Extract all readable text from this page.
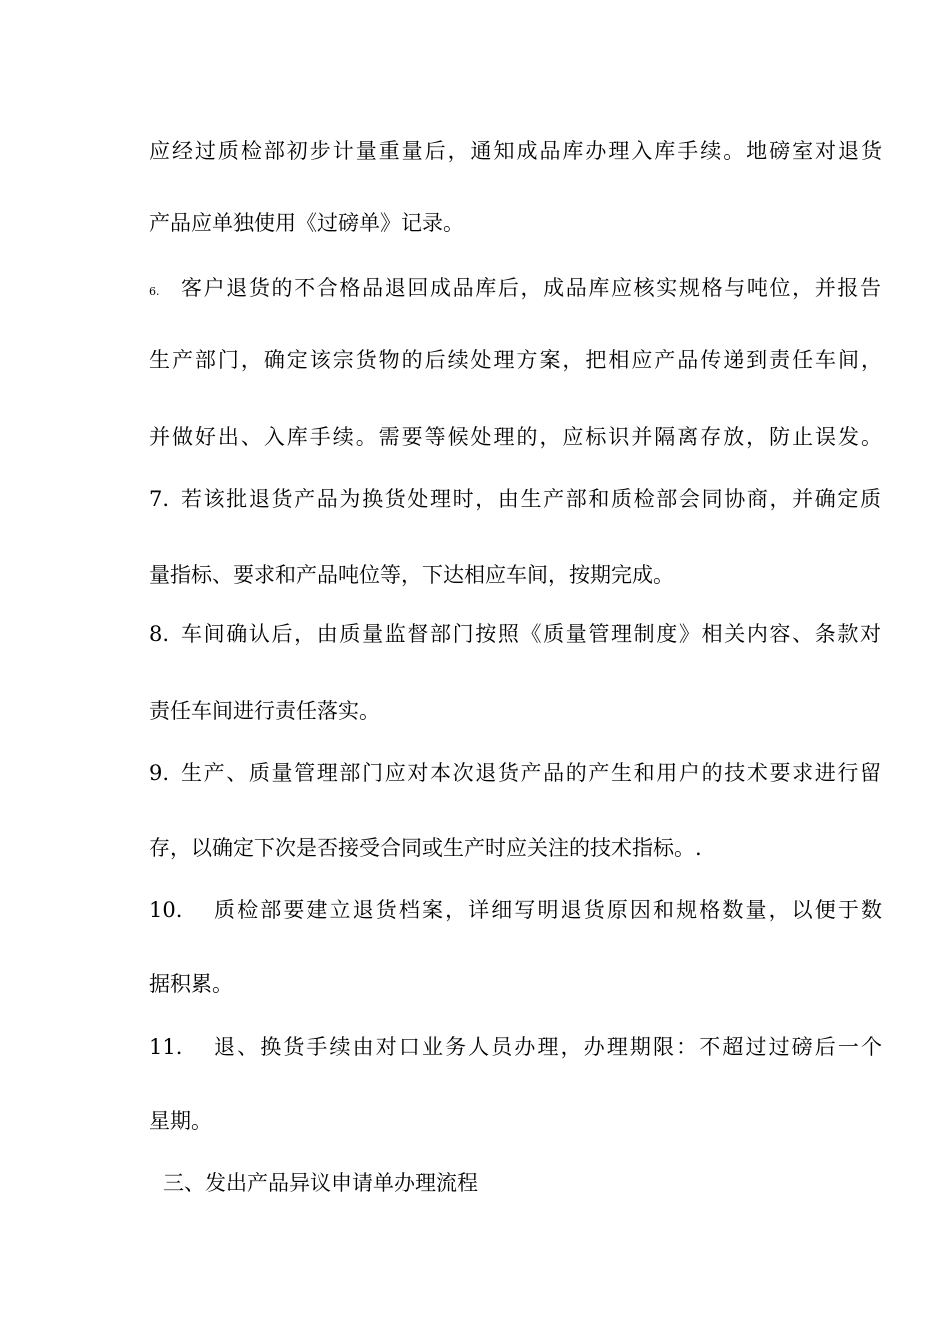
应经过质检部初步计量重量后，通知成品库办理入库手续。地磅室对退货
产品应单独使用《过磅单》记录。
6. 客户退货的不合格品退回成品库后，成品库应核实规格与吨位，并报告
生产部门，确定该宗货物的后续处理方案，把相应产品传递到责任车间，
并做好出、入库手续。需要等候处理的，应标识并隔离存放，防止误发。
7. 若该批退货产品为换货处理时，由生产部和质检部会同协商，并确定质
量指标、要求和产品吨位等，下达相应车间，按期完成。
8. 车间确认后，由质量监督部门按照《质量管理制度》相关内容、条款对
责任车间进行责任落实。
9. 生产、质量管理部门应对本次退货产品的产生和用户的技术要求进行留
存，以确定下次是否接受合同或生产时应关注的技术指标。.
10. 质检部要建立退货档案，详细写明退货原因和规格数量，以便于数
据积累。
11. 退、换货手续由对口业务人员办理，办理期限：不超过过磅后一个
星期。
三、发出产品异议申请单办理流程
